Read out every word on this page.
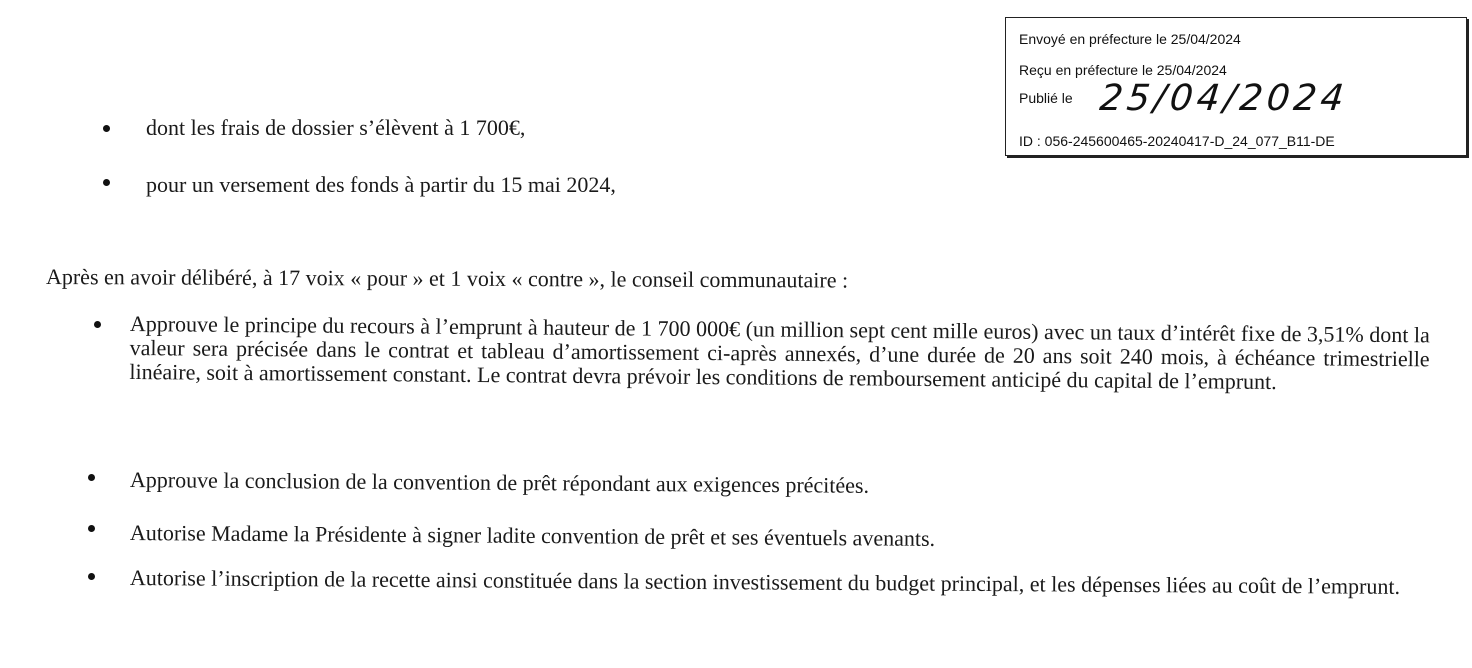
Envoyé en préfecture le 25/04/2024
Reçu en préfecture le 25/04/2024
Publié le 25/04/2024
ID : 056-245600465-20240417-D_24_077_B11-DE
dont les frais de dossier s’élèvent à 1 700€,
pour un versement des fonds à partir du 15 mai 2024,
Après en avoir délibéré, à 17 voix « pour » et 1 voix « contre », le conseil communautaire :
Approuve le principe du recours à l’emprunt à hauteur de 1 700 000€ (un million sept cent mille euros) avec un taux d’intérêt fixe de 3,51% dont la valeur sera précisée dans le contrat et tableau d’amortissement ci-après annexés, d’une durée de 20 ans soit 240 mois, à échéance trimestrielle linéaire, soit à amortissement constant. Le contrat devra prévoir les conditions de remboursement anticipé du capital de l’emprunt.
Approuve la conclusion de la convention de prêt répondant aux exigences précitées.
Autorise Madame la Présidente à signer ladite convention de prêt et ses éventuels avenants.
Autorise l’inscription de la recette ainsi constituée dans la section investissement du budget principal, et les dépenses liées au coût de l’emprunt.
